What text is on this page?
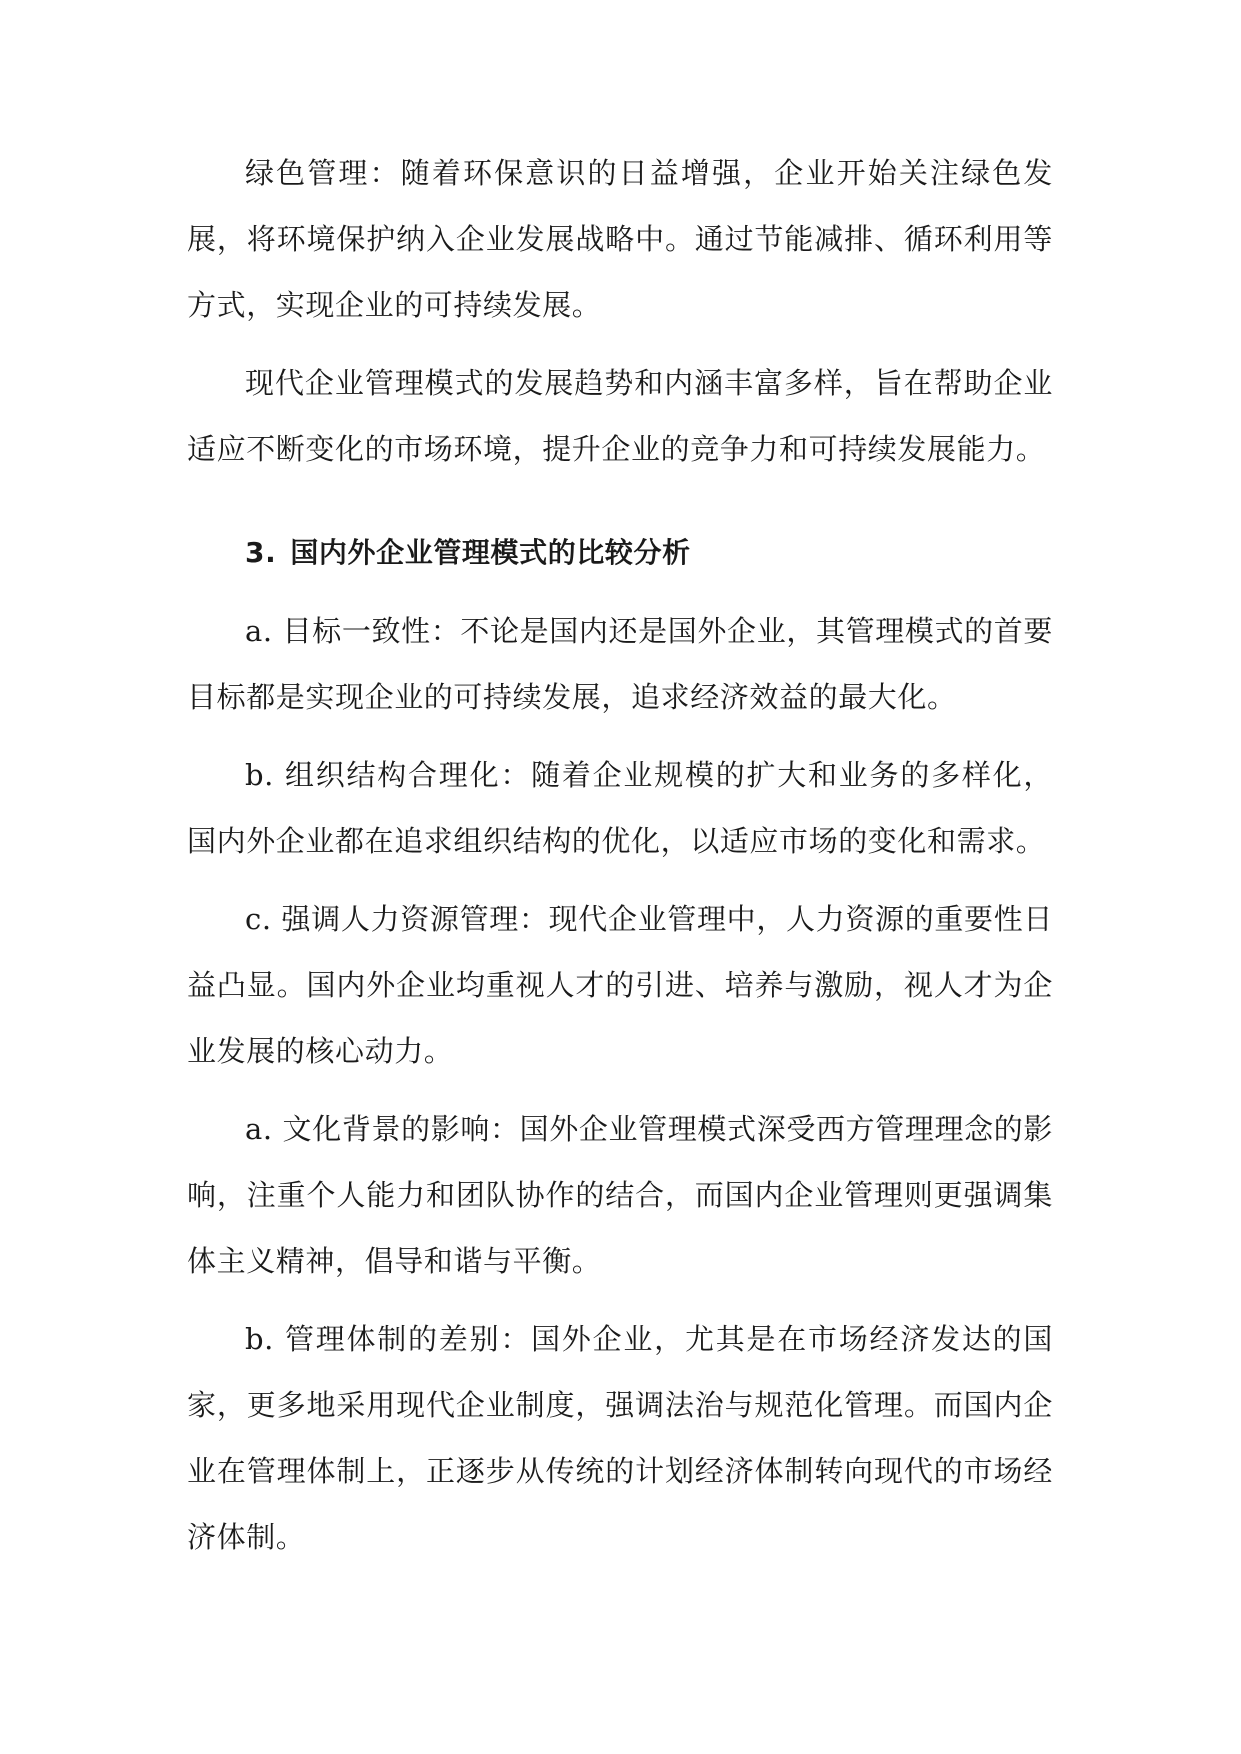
绿色管理：随着环保意识的日益增强，企业开始关注绿色发展，将环境保护纳入企业发展战略中。通过节能减排、循环利用等方式，实现企业的可持续发展。

现代企业管理模式的发展趋势和内涵丰富多样，旨在帮助企业适应不断变化的市场环境，提升企业的竞争力和可持续发展能力。

3. 国内外企业管理模式的比较分析

a. 目标一致性：不论是国内还是国外企业，其管理模式的首要目标都是实现企业的可持续发展，追求经济效益的最大化。

b. 组织结构合理化：随着企业规模的扩大和业务的多样化，国内外企业都在追求组织结构的优化，以适应市场的变化和需求。

c. 强调人力资源管理：现代企业管理中，人力资源的重要性日益凸显。国内外企业均重视人才的引进、培养与激励，视人才为企业发展的核心动力。

a. 文化背景的影响：国外企业管理模式深受西方管理理念的影响，注重个人能力和团队协作的结合，而国内企业管理则更强调集体主义精神，倡导和谐与平衡。

b. 管理体制的差别：国外企业，尤其是在市场经济发达的国家，更多地采用现代企业制度，强调法治与规范化管理。而国内企业在管理体制上，正逐步从传统的计划经济体制转向现代的市场经济体制。
